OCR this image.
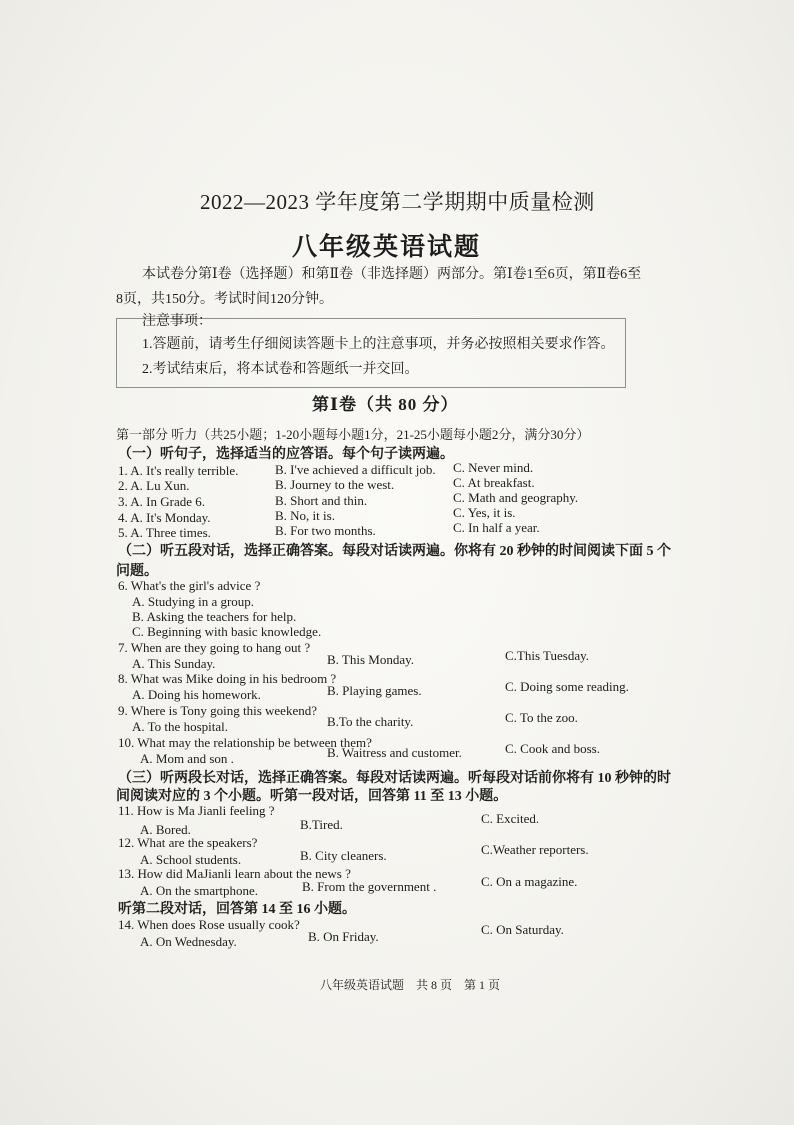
2022—2023 学年度第二学期期中质量检测
八年级英语试题
本试卷分第Ⅰ卷（选择题）和第Ⅱ卷（非选择题）两部分。第Ⅰ卷1至6页，第Ⅱ卷6至
8页，共150分。考试时间120分钟。
注意事项：
1.答题前，请考生仔细阅读答题卡上的注意事项，并务必按照相关要求作答。
2.考试结束后，将本试卷和答题纸一并交回。
第Ⅰ卷（共 80 分）
第一部分 听力（共25小题；1-20小题每小题1分，21-25小题每小题2分，满分30分）
（一）听句子，选择适当的应答语。每个句子读两遍。
1. A. It's really terrible.	B. I've achieved a difficult job. C. Never mind.
2. A. Lu Xun.	B. Journey to the west.	C. At breakfast.
3. A. In Grade 6.	B. Short and thin.	C. Math and geography.
4. A. It's Monday.	B. No, it is.	C. Yes, it is.
5. A. Three times.	B. For two months.	C. In half a year.
（二）听五段对话，选择正确答案。每段对话读两遍。你将有 20 秒钟的时间阅读下面 5 个
问题。
6. What's the girl's advice ?
A. Studying in a group.
B. Asking the teachers for help.
C. Beginning with basic knowledge.
7. When are they going to hang out ?
A. This Sunday.	B. This Monday.	C.This Tuesday.
8. What was Mike doing in his bedroom ?
A. Doing his homework.	B. Playing games.	C. Doing some reading.
9. Where is Tony going this weekend?
A. To the hospital.	B.To the charity.	C. To the zoo.
10. What may the relationship be between them?
A. Mom and son .	B. Waitress and customer.	C. Cook and boss.
（三）听两段长对话，选择正确答案。每段对话读两遍。听每段对话前你将有 10 秒钟的时
间阅读对应的 3 个小题。听第一段对话，回答第 11 至 13 小题。
11. How is Ma Jianli feeling ?
A. Bored.	B.Tired.	C. Excited.
12. What are the speakers?
A. School students.	B. City cleaners.	C.Weather reporters.
13. How did MaJianli learn about the news ?
A. On the smartphone.	B. From the government .	C. On a magazine.
听第二段对话，回答第 14 至 16 小题。
14. When does Rose usually cook?
A. On Wednesday.	B. On Friday.	C. On Saturday.
八年级英语试题　共 8 页　第 1 页
